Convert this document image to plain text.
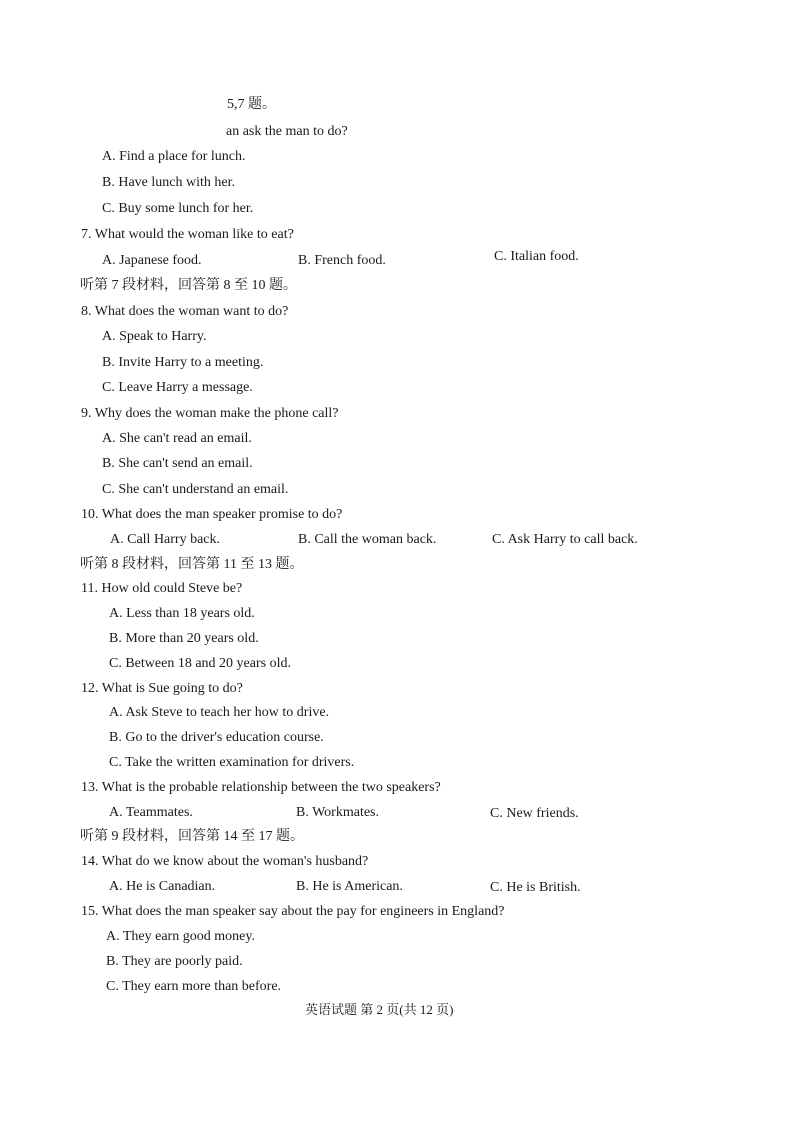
5,7 题。
an ask the man to do?
A. Find a place for lunch.
B. Have lunch with her.
C. Buy some lunch for her.
7. What would the woman like to eat?
A. Japanese food.	B. French food.	C. Italian food.
听第 7 段材料，回答第 8 至 10 题。
8. What does the woman want to do?
A. Speak to Harry.
B. Invite Harry to a meeting.
C. Leave Harry a message.
9. Why does the woman make the phone call?
A. She can't read an email.
B. She can't send an email.
C. She can't understand an email.
10. What does the man speaker promise to do?
A. Call Harry back.	B. Call the woman back.	C. Ask Harry to call back.
听第 8 段材料，回答第 11 至 13 题。
11. How old could Steve be?
A. Less than 18 years old.
B. More than 20 years old.
C. Between 18 and 20 years old.
12. What is Sue going to do?
A. Ask Steve to teach her how to drive.
B. Go to the driver's education course.
C. Take the written examination for drivers.
13. What is the probable relationship between the two speakers?
A. Teammates.	B. Workmates.	C. New friends.
听第 9 段材料，回答第 14 至 17 题。
14. What do we know about the woman's husband?
A. He is Canadian.	B. He is American.	C. He is British.
15. What does the man speaker say about the pay for engineers in England?
A. They earn good money.
B. They are poorly paid.
C. They earn more than before.
英语试题 第 2 页(共 12 页)
